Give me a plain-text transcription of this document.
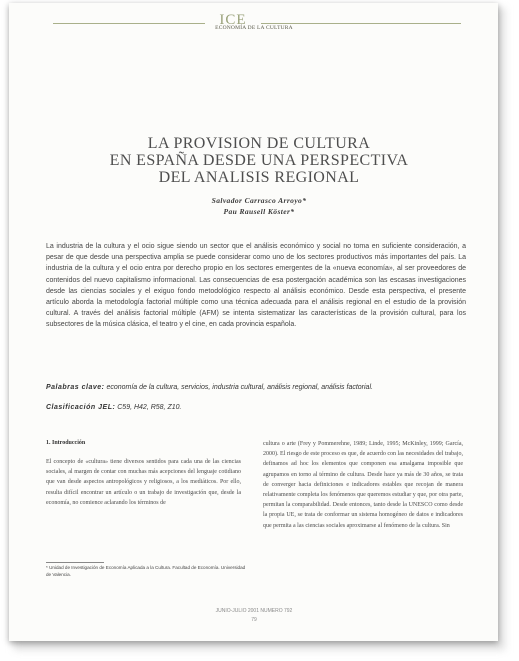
ICE
ECONOMÍA DE LA CULTURA
LA PROVISION DE CULTURA
EN ESPAÑA DESDE UNA PERSPECTIVA
DEL ANALISIS REGIONAL
Salvador Carrasco Arroyo*
Pau Rausell Köster*
La industria de la cultura y el ocio sigue siendo un sector que el análisis económico y social no toma en suficiente consideración, a pesar de que desde una perspectiva amplia se puede considerar como uno de los sectores productivos más importantes del país. La industria de la cultura y el ocio entra por derecho propio en los sectores emergentes de la «nueva economía», al ser proveedores de contenidos del nuevo capitalismo informacional. Las consecuencias de esa postergación académica son las escasas investigaciones desde las ciencias sociales y el exiguo fondo metodológico respecto al análisis económico. Desde esta perspectiva, el presente artículo aborda la metodología factorial múltiple como una técnica adecuada para el análisis regional en el estudio de la provisión cultural. A través del análisis factorial múltiple (AFM) se intenta sistematizar las características de la provisión cultural, para los subsectores de la música clásica, el teatro y el cine, en cada provincia española.
Palabras clave: economía de la cultura, servicios, industria cultural, análisis regional, análisis factorial.
Clasificación JEL: C59, H42, R58, Z10.
1. Introducción
El concepto de «cultura» tiene diversos sentidos para cada una de las ciencias sociales, al margen de contar con muchas más acepciones del lenguaje cotidiano que van desde aspectos antropológicos y religiosos, a los mediáticos. Por ello, resulta difícil encontrar un artículo o un trabajo de investigación que, desde la economía, no comience aclarando los términos de
cultura o arte (Frey y Pommerehne, 1989; Linde, 1995; McKinley, 1999; García, 2000). El riesgo de este proceso es que, de acuerdo con las necesidades del trabajo, definamos ad hoc los elementos que componen esa amalgama imposible que agrupamos en torno al término de cultura. Desde hace ya más de 30 años, se trata de converger hacia definiciones e indicadores estables que recojan de manera relativamente completa los fenómenos que queremos estudiar y que, por otra parte, permitan la comparabilidad. Desde entonces, tanto desde la UNESCO como desde la propia UE, se trata de conformar un sistema homogéneo de datos e indicadores que permita a las ciencias sociales aproximarse al fenómeno de la cultura. Sin
* Unidad de Investigación de Economía Aplicada a la Cultura. Facultad de Economía. Universidad de Valencia.
JUNIO-JULIO 2001 NUMERO 792
79
